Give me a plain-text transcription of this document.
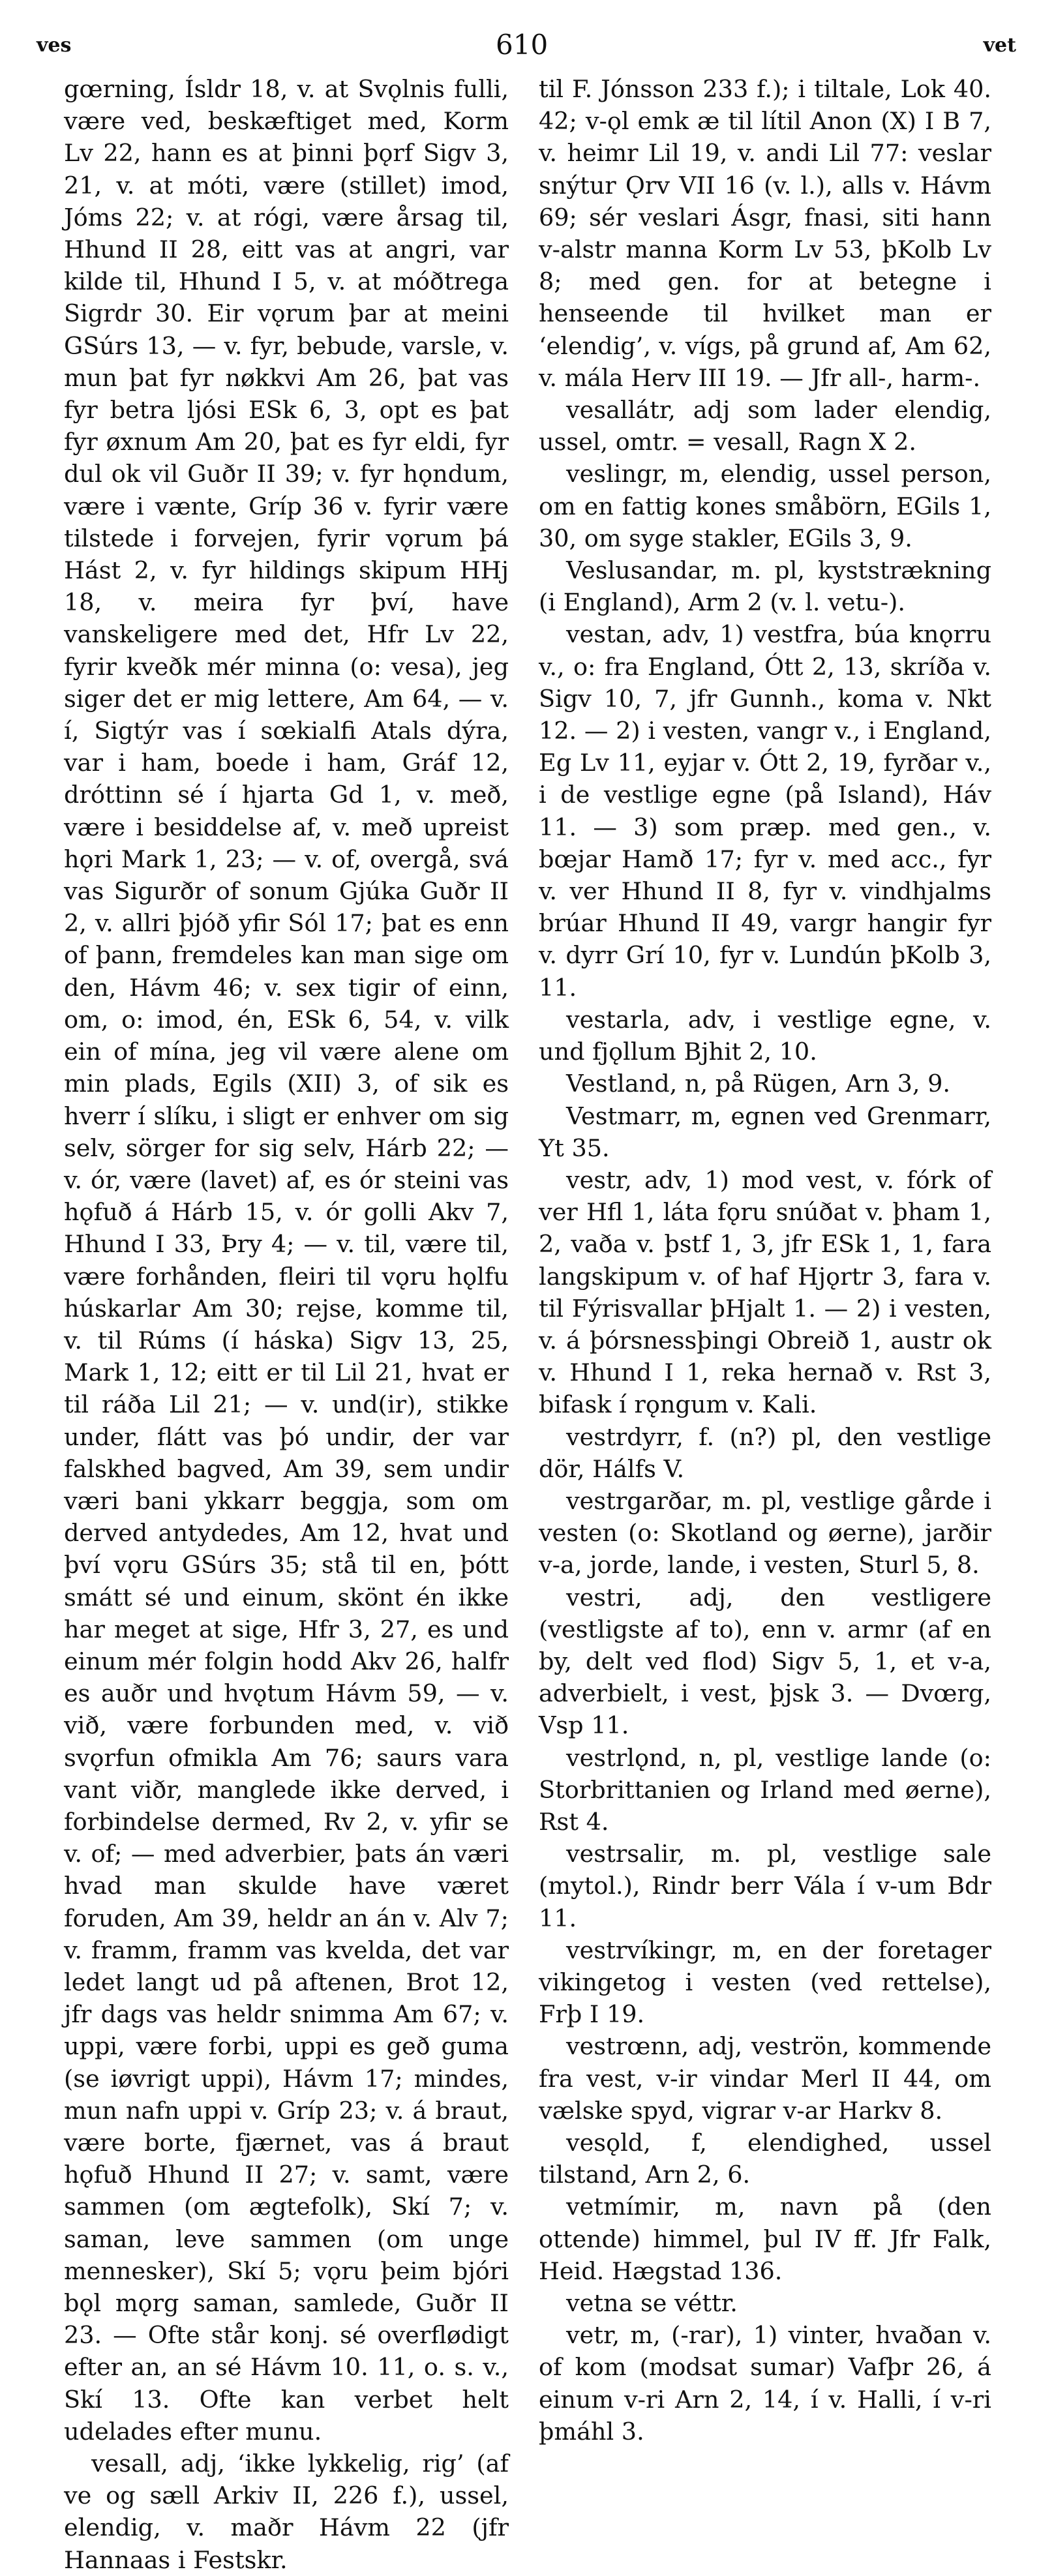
ves	610	vet

gœrning, Ísldr 18, v. at Svǫlnis fulli, være ved, beskæftiget med, Korm Lv 22, hann es at þinni þǫrf Sigv 3, 21, v. at móti, være (stillet) imod, Jóms 22; v. at rógi, være årsag til, Hhund II 28, eitt vas at angri, var kilde til, Hhund I 5, v. at móðtrega Sigrdr 30. Eir vǫrum þar at meini GSúrs 13, — v. fyr, bebude, varsle, v. mun þat fyr nøkkvi Am 26, þat vas fyr betra ljósi ESk 6, 3, opt es þat fyr øxnum Am 20, þat es fyr eldi, fyr dul ok vil Guðr II 39; v. fyr hǫndum, være i vænte, Gríp 36 v. fyrir være tilstede i forvejen, fyrir vǫrum þá Hást 2, v. fyr hildings skipum HHj 18, v. meira fyr því, have vanskeligere med det, Hfr Lv 22, fyrir kveðk mér minna (o: vesa), jeg siger det er mig lettere, Am 64, — v. í, Sigtýr vas í sœkialfi Atals dýra, var i ham, boede i ham, Gráf 12, dróttinn sé í hjarta Gd 1, v. með, være i besiddelse af, v. með upreist hǫri Mark 1, 23; — v. of, overgå, svá vas Sigurðr of sonum Gjúka Guðr II 2, v. allri þjóð yfir Sól 17; þat es enn of þann, fremdeles kan man sige om den, Hávm 46; v. sex tigir of einn, om, o: imod, én, ESk 6, 54, v. vilk ein of mína, jeg vil være alene om min plads, Egils (XII) 3, of sik es hverr í slíku, i sligt er enhver om sig selv, sörger for sig selv, Hárb 22; — v. ór, være (lavet) af, es ór steini vas hǫfuð á Hárb 15, v. ór golli Akv 7, Hhund I 33, Þry 4; — v. til, være til, være forhånden, fleiri til vǫru hǫlfu húskarlar Am 30; rejse, komme til, v. til Rúms (í háska) Sigv 13, 25, Mark 1, 12; eitt er til Lil 21, hvat er til ráða Lil 21; — v. und(ir), stikke under, flátt vas þó undir, der var falskhed bagved, Am 39, sem undir væri bani ykkarr beggja, som om derved antydedes, Am 12, hvat und því vǫru GSúrs 35; stå til en, þótt smátt sé und einum, skönt én ikke har meget at sige, Hfr 3, 27, es und einum mér folgin hodd Akv 26, halfr es auðr und hvǫtum Hávm 59, — v. við, være forbunden med, v. við svǫrfun ofmikla Am 76; saurs vara vant viðr, manglede ikke derved, i forbindelse dermed, Rv 2, v. yfir se v. of; — med adverbier, þats án væri hvad man skulde have været foruden, Am 39, heldr an án v. Alv 7; v. framm, framm vas kvelda, det var ledet langt ud på aftenen, Brot 12, jfr dags vas heldr snimma Am 67; v. uppi, være forbi, uppi es geð guma (se iøvrigt uppi), Hávm 17; mindes, mun nafn uppi v. Gríp 23; v. á braut, være borte, fjærnet, vas á braut hǫfuð Hhund II 27; v. samt, være sammen (om ægtefolk), Skí 7; v. saman, leve sammen (om unge mennesker), Skí 5; vǫru þeim bjóri bǫl mǫrg saman, samlede, Guðr II 23. — Ofte står konj. sé overflødigt efter an, an sé Hávm 10. 11, o. s. v., Skí 13. Ofte kan verbet helt udelades efter munu.

vesall, adj, ‘ikke lykkelig, rig’ (af ve og sæll Arkiv II, 226 f.), ussel, elendig, v. maðr Hávm 22 (jfr Hannaas i Festskr.

til F. Jónsson 233 f.); i tiltale, Lok 40. 42; v-ǫl emk æ til lítil Anon (X) I B 7, v. heimr Lil 19, v. andi Lil 77: veslar snýtur Ǫrv VII 16 (v. l.), alls v. Hávm 69; sér veslari Ásgr, fnasi, siti hann v-alstr manna Korm Lv 53, þKolb Lv 8; med gen. for at betegne i henseende til hvilket man er ‘elendig’, v. vígs, på grund af, Am 62, v. mála Herv III 19. — Jfr all-, harm-.

vesallátr, adj som lader elendig, ussel, omtr. = vesall, Ragn X 2.

veslingr, m, elendig, ussel person, om en fattig kones småbörn, EGils 1, 30, om syge stakler, EGils 3, 9.

Veslusandar, m. pl, kyststrækning (i England), Arm 2 (v. l. vetu-).

vestan, adv, 1) vestfra, búa knǫrru v., o: fra England, Ótt 2, 13, skríða v. Sigv 10, 7, jfr Gunnh., koma v. Nkt 12. — 2) i vesten, vangr v., i England, Eg Lv 11, eyjar v. Ótt 2, 19, fyrðar v., i de vestlige egne (på Island), Háv 11. — 3) som præp. med gen., v. bœjar Hamð 17; fyr v. med acc., fyr v. ver Hhund II 8, fyr v. vindhjalms brúar Hhund II 49, vargr hangir fyr v. dyrr Grí 10, fyr v. Lundún þKolb 3, 11.

vestarla, adv, i vestlige egne, v. und fjǫllum Bjhit 2, 10.

Vestland, n, på Rügen, Arn 3, 9.

Vestmarr, m, egnen ved Grenmarr, Yt 35.

vestr, adv, 1) mod vest, v. fórk of ver Hfl 1, láta fǫru snúðat v. þham 1, 2, vaða v. þstf 1, 3, jfr ESk 1, 1, fara langskipum v. of haf Hjǫrtr 3, fara v. til Fýrisvallar þHjalt 1. — 2) i vesten, v. á þórsnessþingi Obreið 1, austr ok v. Hhund I 1, reka hernað v. Rst 3, bifask í rǫngum v. Kali.

vestrdyrr, f. (n?) pl, den vestlige dör, Hálfs V.

vestrgarðar, m. pl, vestlige gårde i vesten (o: Skotland og øerne), jarðir v-a, jorde, lande, i vesten, Sturl 5, 8.

vestri, adj, den vestligere (vestligste af to), enn v. armr (af en by, delt ved flod) Sigv 5, 1, et v-a, adverbielt, i vest, þjsk 3. — Dvœrg, Vsp 11.

vestrlǫnd, n, pl, vestlige lande (o: Storbrittanien og Irland med øerne), Rst 4.

vestrsalir, m. pl, vestlige sale (mytol.), Rindr berr Vála í v-um Bdr 11.

vestrvíkingr, m, en der foretager vikingetog i vesten (ved rettelse), Frþ I 19.

vestrœnn, adj, veströn, kommende fra vest, v-ir vindar Merl II 44, om vælske spyd, vigrar v-ar Harkv 8.

vesǫld, f, elendighed, ussel tilstand, Arn 2, 6.

vetmímir, m, navn på (den ottende) himmel, þul IV ff. Jfr Falk, Heid. Hægstad 136.

vetna se véttr.

vetr, m, (-rar), 1) vinter, hvaðan v. of kom (modsat sumar) Vafþr 26, á einum v-ri Arn 2, 14, í v. Halli, í v-ri þmáhl 3.
